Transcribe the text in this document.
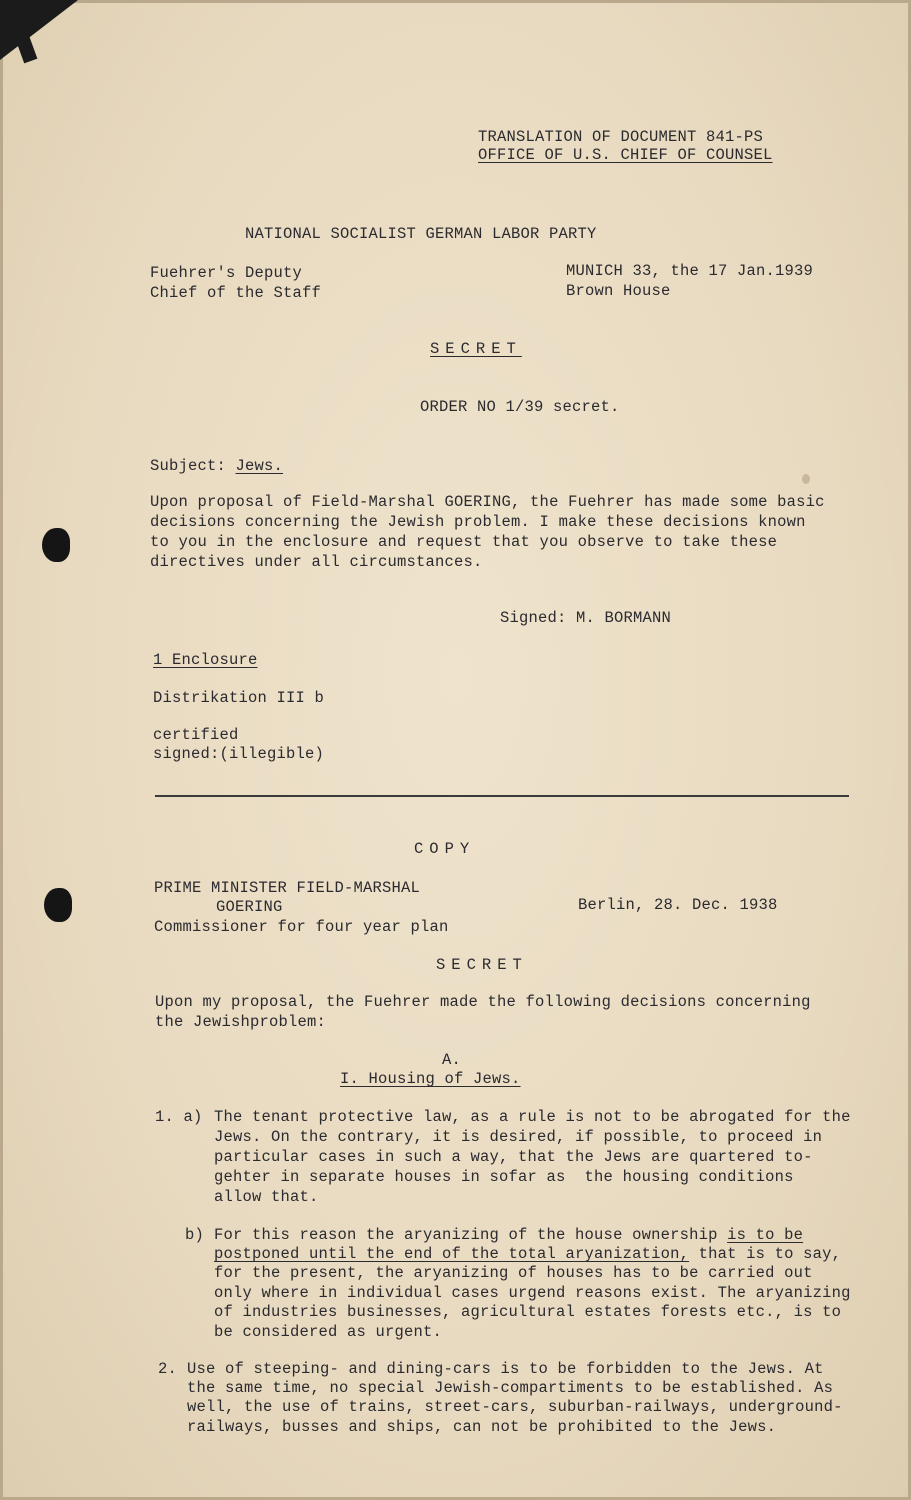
TRANSLATION OF DOCUMENT 841-PS
OFFICE OF U.S. CHIEF OF COUNSEL
NATIONAL SOCIALIST GERMAN LABOR PARTY
Fuehrer's Deputy
Chief of the Staff
MUNICH 33, the 17 Jan.1939
Brown House
SECRET
ORDER NO 1/39 secret.
Subject: Jews.
Upon proposal of Field-Marshal GOERING, the Fuehrer has made some basic
decisions concerning the Jewish problem. I make these decisions known
to you in the enclosure and request that you observe to take these
directives under all circumstances.
Signed: M. BORMANN
1 Enclosure
Distrikation III b
certified
signed:(illegible)
COPY
PRIME MINISTER FIELD-MARSHAL
GOERING
Commissioner for four year plan
Berlin, 28. Dec. 1938
SECRET
Upon my proposal, the Fuehrer made the following decisions concerning
the Jewishproblem:
A.
I. Housing of Jews.
1. a) The tenant protective law, as a rule is not to be abrogated for the
Jews. On the contrary, it is desired, if possible, to proceed in
particular cases in such a way, that the Jews are quartered to-
gehter in separate houses in sofar as  the housing conditions
allow that.
b) For this reason the aryanizing of the house ownership is to be
postponed until the end of the total aryanization, that is to say,
for the present, the aryanizing of houses has to be carried out
only where in individual cases urgend reasons exist. The aryanizing
of industries businesses, agricultural estates forests etc., is to
be considered as urgent.
2. Use of steeping- and dining-cars is to be forbidden to the Jews. At
the same time, no special Jewish-compartiments to be established. As
well, the use of trains, street-cars, suburban-railways, underground-
railways, busses and ships, can not be prohibited to the Jews.
